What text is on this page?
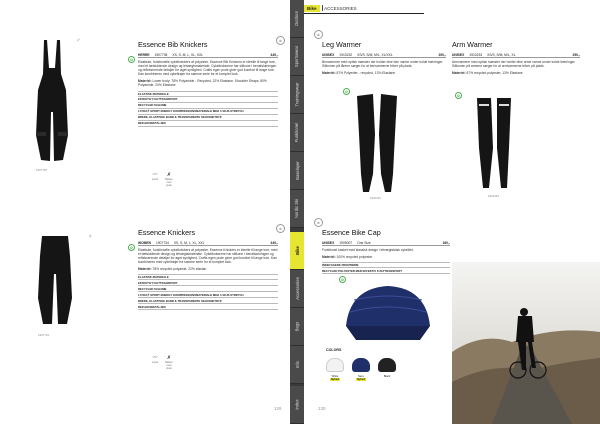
1907735
♂	Essence Bib Knickers
HERRE 1907735 XS, S, M, L, XL, XXL	449,-
Elastiske, funktionelle cykelknickers af polyester. Essence Bib Knickers er ideelle til lange ture, med et tætsiddende design og letvægtsmateriale. Cykelbukserne har silikone i benafslutningen og reflekserende detaljer for øget synlighed. Crafts egen pude giver god komfort til lange ture. Kan kombineres med cykeltrøjer fra samme serie for et komplet look.
Materiel: Lower body: 78% Polyamide - Recycled, 22% Elastane. Shoulder Straps: 80% Polyamide, 20% Elastane
ELASTISK MATERIALE
EFFEKTIV FUGTTRANSPORT
RECYCLED SCHAMB
LYCRA® SPORT ENERGY KOMPRESSIONSMATERIALE MED 4-VEJS STRETCH
BREDE, ELASTISKE BAND & TRANSPARENTE SILIKONETRYK
REFLEKSDETALJER
♻
✿
〰
Lycra
✗
Bukser med pude
1907734
♀	Essence Knickers
WOMEN 1907734 XS, S, M, L, XL, XXL	449,-
Elastiske, funktionelle cykelknickers af polyester. Essence Knickers er ideelle til lange ture, med et tætsiddende design og letvægtsmateriale. Cykelbukserne har silikone i benafslutningen og reflekserende detaljer for øget synlighed. Crafts egen pude giver god komfort til lange ture. Kan kombineres med cykeltrøjer fra samme serie for et komplet look.
Materiel: 78% recycled polyamid, 22% elastan
ELASTISK MATERIALE
EFFEKTIV FUGTTRANSPORT
RECYCLED SCHAMB
LYCRA® SPORT ENERGY KOMPRESSIONSMATERIALE MED 4-VEJS STRETCH
BREDE, ELASTISKE BAND & TRANSPARENTE SILIKONETRYK
REFLEKSDETALJER
♻
✿
〰
Lycra
✗
Bukser med pude
129
Outdoor
Sportswear
Trainingwear
Funktionel
Baselayer
Nordic Ski
Bike
Accessories
Bags
Info
Index
Bike	ACCESSORIES
Leg Warmer
UNISEX 1910232 XS/S, S/M, M/L, XL/XXL	200,-
Benvarmere med optisk mønster der holder dine ben varme under kolde træninger. Silikonen på lårene sørger for at benvarmerne bliver på plads.
Materiel: 87% Polyester - recycled, 13% Elastane
♻
✿
1910232
Arm Warmer
UNISEX 1910233 XS/S, S/M, M/L, XL	250,-
Armvarmere med optisk mønster der holder dine arme varme under kolde træninger. Silikonen på armene sørger for at armvarmerne bliver på plads.
Materiel: 87% recycled polyester, 13% Elastane
✿
1910233
Essence Bike Cap
UNISEX 1909007 One Size	160,-
Funktionel kasket med klassisk design i letvægtsfalsk cykelitet.
Materiel: 100% recycled polyester
INDBYGGEDE FRONTBRIM
RECYCLED POLYESTER MED EFFEKTIV FUGTTRANSPORT
♻
✿
COLORS
White
Nyhed
Navy
Nyhed
Black
130
